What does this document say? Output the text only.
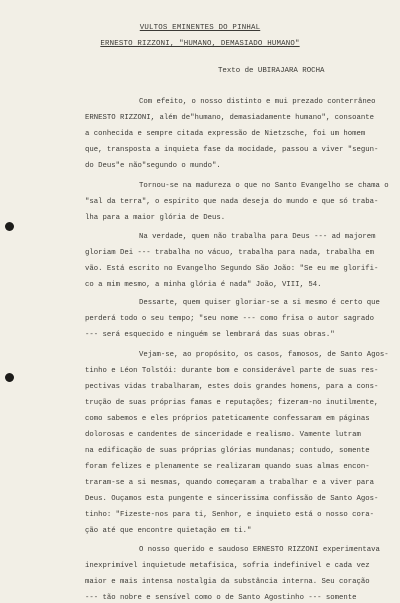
VULTOS EMINENTES DO PINHAL
ERNESTO RIZZONI, "HUMANO, DEMASIADO HUMANO"
Texto de UBIRAJARA ROCHA
Com efeito, o nosso distinto e mui prezado conterrâneo
ERNESTO RIZZONI, além de"humano, demasiadamente humano", consoante
a conhecida e sempre citada expressão de Nietzsche, foi um homem
que, transposta a inquieta fase da mocidade, passou a viver "segun-
do Deus"e não"segundo o mundo".
Tornou-se na madureza o que no Santo Evangelho se chama o
"sal da terra", o espírito que nada deseja do mundo e que só traba-
lha para a maior glória de Deus.
Na verdade, quem não trabalha para Deus --- ad majorem
gloriam Dei --- trabalha no vácuo, trabalha para nada, trabalha em
vão. Está escrito no Evangelho Segundo São João: "Se eu me glorifi-
co a mim mesmo, a minha glória é nada" João, VIII, 54.
Dessarte, quem quiser gloriar-se a si mesmo é certo que
perderá todo o seu tempo; "seu nome --- como frisa o autor sagrado
--- será esquecido e ninguém se lembrará das suas obras."
Vejam-se, ao propósito, os casos, famosos, de Santo Agos-
tinho e Léon Tolstói: durante bom e considerável parte de suas res-
pectivas vidas trabalharam, estes dois grandes homens, para a cons-
trução de suas próprias famas e reputações; fizeram-no inutilmente,
como sabemos e eles próprios pateticamente confessaram em páginas
dolorosas e candentes de sinceridade e realismo. Vamente lutram
na edificação de suas próprias glórias mundanas; contudo, somente
foram felizes e plenamente se realizaram quando suas almas encon-
traram-se a si mesmas, quando começaram a trabalhar e a viver para
Deus. Ouçamos esta pungente e sincerissima confissão de Santo Agos-
tinho: "Fizeste-nos para ti, Senhor, e inquieto está o nosso cora-
ção até que encontre quietação em ti."
O nosso querido e saudoso ERNESTO RIZZONI experimentava
inexprimível inquietude metafísica, sofria indefinível e cada vez
maior e mais intensa nostalgia da substância interna. Seu coração
--- tão nobre e sensível como o de Santo Agostinho --- somente
